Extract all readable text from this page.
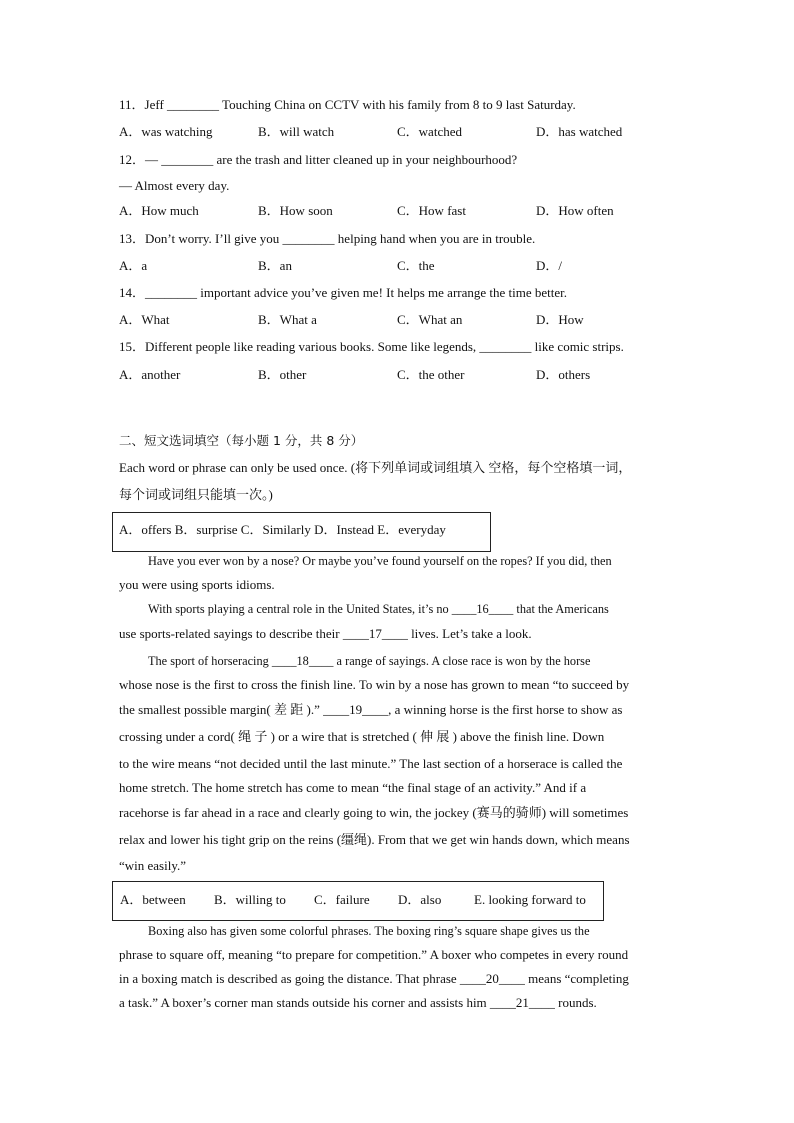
11．Jeff ________ Touching China on CCTV with his family from 8 to 9 last Saturday.
A．was watching	B．will watch	C．watched	D．has watched
12．— ________ are the trash and litter cleaned up in your neighbourhood?
— Almost every day.
A．How much	B．How soon	C．How fast	D．How often
13．Don’t worry. I’ll give you ________ helping hand when you are in trouble.
A．a	B．an	C．the	D．/
14．________ important advice you’ve given me! It helps me arrange the time better.
A．What	B．What a	C．What an	D．How
15．Different people like reading various books. Some like legends, ________ like comic strips.
A．another	B．other	C．the other	D．others
二、短文选词填空（每小题 1 分，共 8 分）
Each word or phrase can only be used once. (将下列单词或词组填入 空格，每个空格填一词，
每个词或词组只能填一次。)
A．offers B．surprise C．Similarly D．Instead E．everyday
Have you ever won by a nose? Or maybe you’ve found yourself on the ropes? If you did, then
you were using sports idioms.
With sports playing a central role in the United States, it’s no ____16____ that the Americans
use sports-related sayings to describe their ____17____ lives. Let’s take a look.
The sport of horseracing ____18____ a range of sayings. A close race is won by the horse
whose nose is the first to cross the finish line. To win by a nose has grown to mean “to succeed by
the smallest possible margin( 差 距 ).” ____19____, a winning horse is the first horse to show as
crossing under a cord( 绳 子 ) or a wire that is stretched ( 伸 展 ) above the finish line. Down
to the wire means “not decided until the last minute.” The last section of a horserace is called the
home stretch. The home stretch has come to mean “the final stage of an activity.” And if a
racehorse is far ahead in a race and clearly going to win, the jockey (赛马的骑师) will sometimes
relax and lower his tight grip on the reins (缰绳). From that we get win hands down, which means
“win easily.”
A．between B．willing to C．failure D．also	E. looking forward to
Boxing also has given some colorful phrases. The boxing ring’s square shape gives us the
phrase to square off, meaning “to prepare for competition.” A boxer who competes in every round
in a boxing match is described as going the distance. That phrase ____20____ means “completing
a task.” A boxer’s corner man stands outside his corner and assists him ____21____ rounds.
